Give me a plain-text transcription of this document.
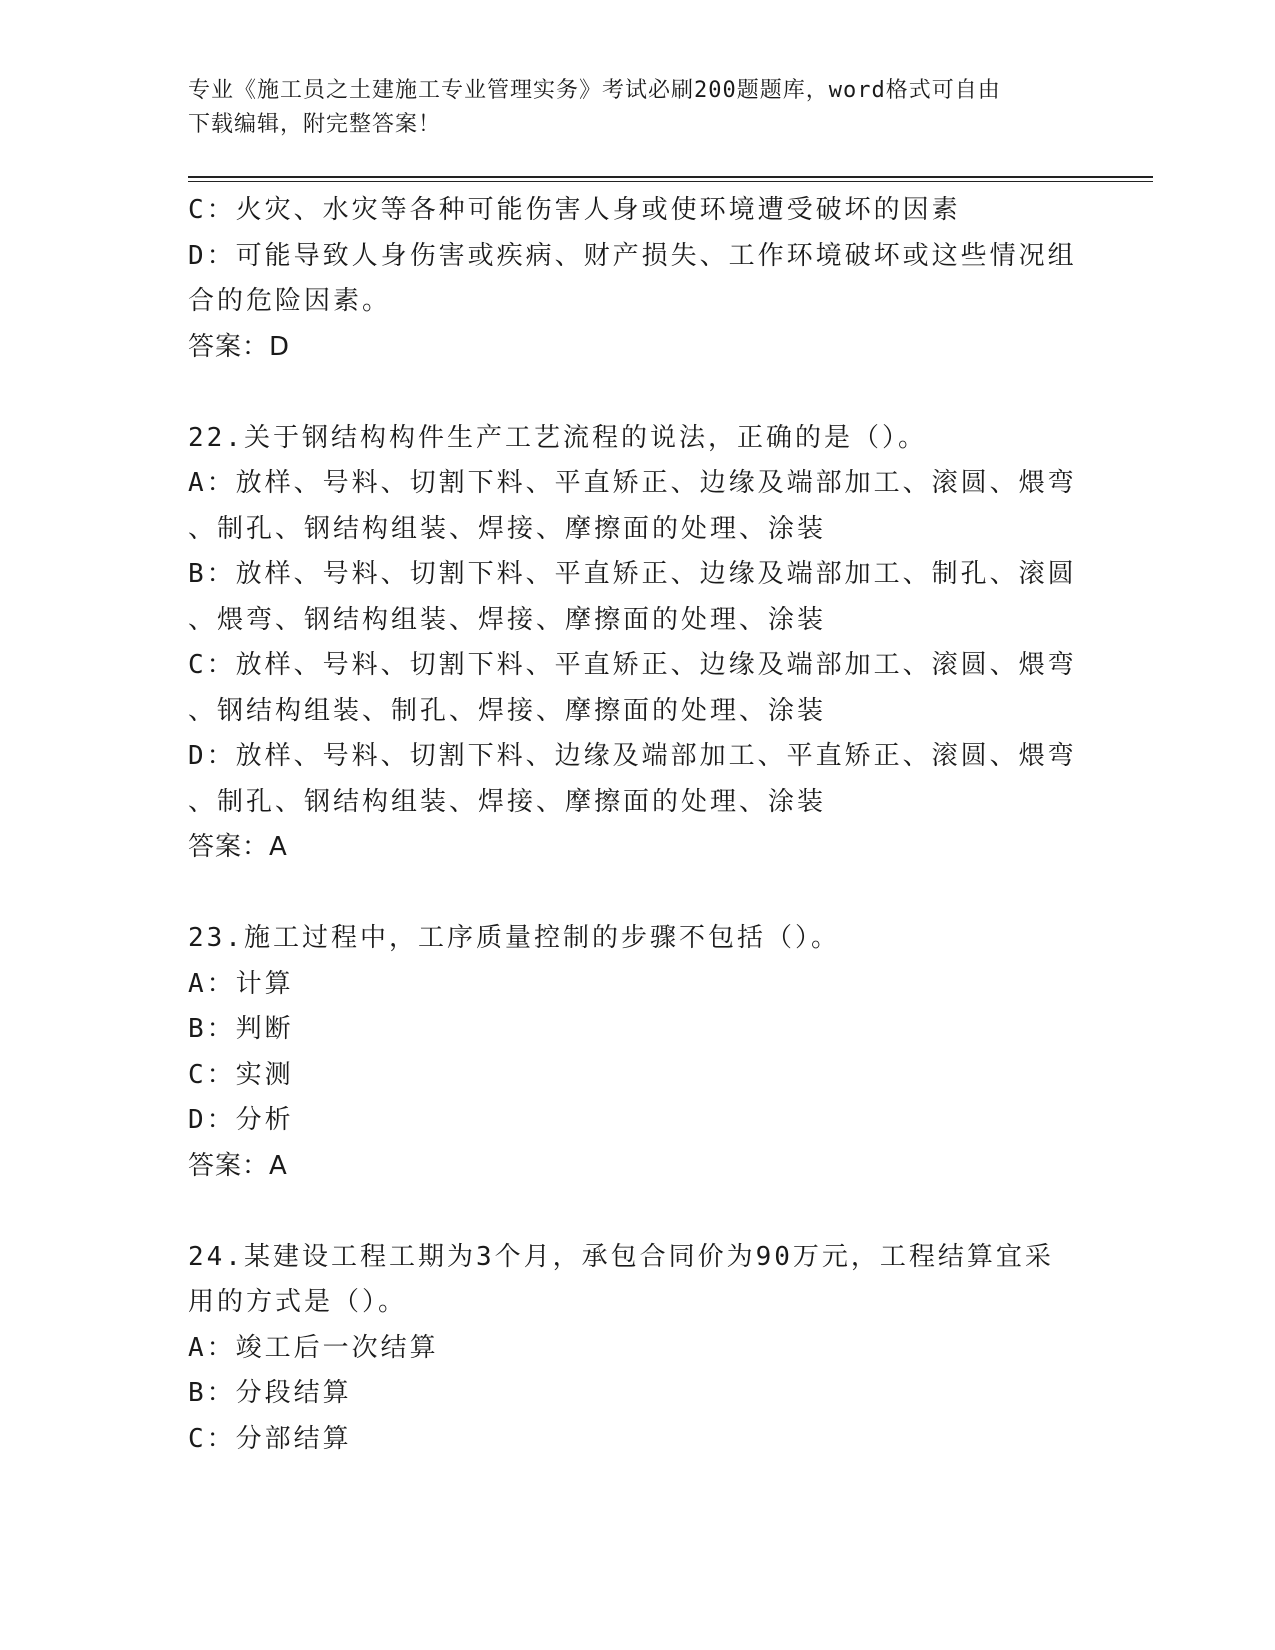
专业《施工员之土建施工专业管理实务》考试必刷200题题库，word格式可自由
下载编辑，附完整答案！
C：火灾、水灾等各种可能伤害人身或使环境遭受破坏的因素
D：可能导致人身伤害或疾病、财产损失、工作环境破坏或这些情况组
合的危险因素。
答案：D
22.关于钢结构构件生产工艺流程的说法，正确的是（）。
A：放样、号料、切割下料、平直矫正、边缘及端部加工、滚圆、煨弯
、制孔、钢结构组装、焊接、摩擦面的处理、涂装
B：放样、号料、切割下料、平直矫正、边缘及端部加工、制孔、滚圆
、煨弯、钢结构组装、焊接、摩擦面的处理、涂装
C：放样、号料、切割下料、平直矫正、边缘及端部加工、滚圆、煨弯
、钢结构组装、制孔、焊接、摩擦面的处理、涂装
D：放样、号料、切割下料、边缘及端部加工、平直矫正、滚圆、煨弯
、制孔、钢结构组装、焊接、摩擦面的处理、涂装
答案：A
23.施工过程中，工序质量控制的步骤不包括（）。
A：计算
B：判断
C：实测
D：分析
答案：A
24.某建设工程工期为3个月，承包合同价为90万元，工程结算宜采
用的方式是（）。
A：竣工后一次结算
B：分段结算
C：分部结算
